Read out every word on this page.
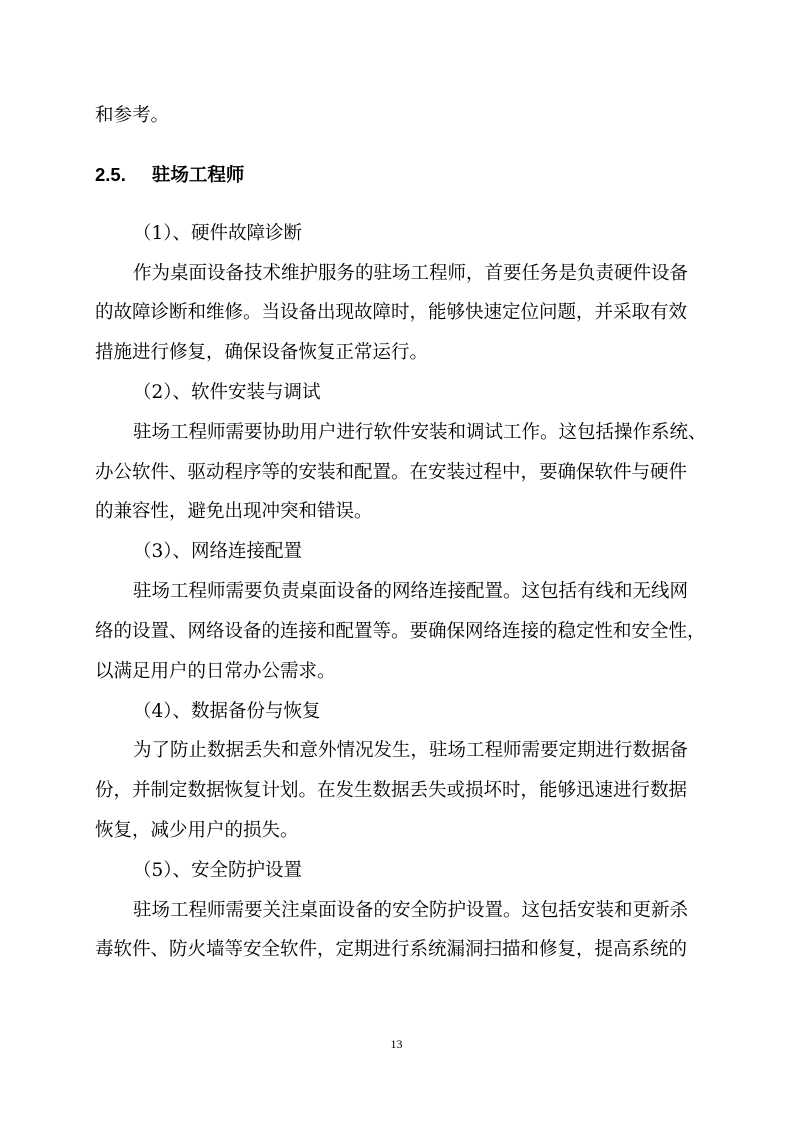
和参考。

2.5. 驻场工程师

（1）、硬件故障诊断

作为桌面设备技术维护服务的驻场工程师，首要任务是负责硬件设备

的故障诊断和维修。当设备出现故障时，能够快速定位问题，并采取有效

措施进行修复，确保设备恢复正常运行。

（2）、软件安装与调试

驻场工程师需要协助用户进行软件安装和调试工作。这包括操作系统、

办公软件、驱动程序等的安装和配置。在安装过程中，要确保软件与硬件

的兼容性，避免出现冲突和错误。

（3）、网络连接配置

驻场工程师需要负责桌面设备的网络连接配置。这包括有线和无线网

络的设置、网络设备的连接和配置等。要确保网络连接的稳定性和安全性，

以满足用户的日常办公需求。

（4）、数据备份与恢复

为了防止数据丢失和意外情况发生，驻场工程师需要定期进行数据备

份，并制定数据恢复计划。在发生数据丢失或损坏时，能够迅速进行数据

恢复，减少用户的损失。

（5）、安全防护设置

驻场工程师需要关注桌面设备的安全防护设置。这包括安装和更新杀

毒软件、防火墙等安全软件，定期进行系统漏洞扫描和修复，提高系统的

13
